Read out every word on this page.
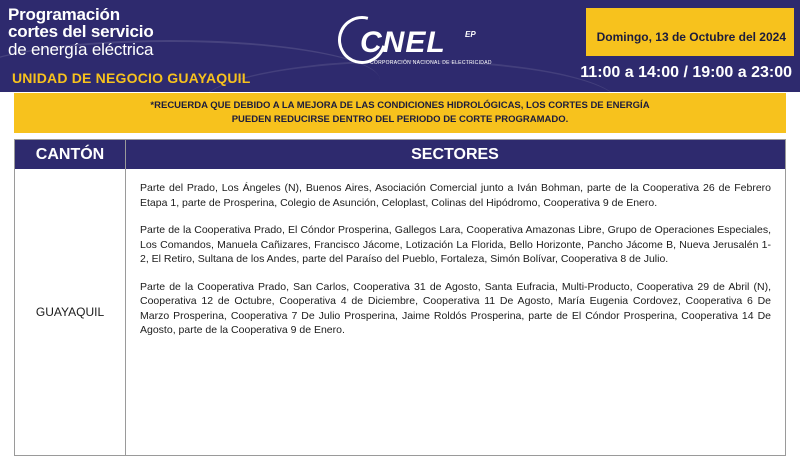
Programación
cortes del servicio
de energía eléctrica
UNIDAD DE NEGOCIO GUAYAQUIL
CNEL EP
CORPORACIÓN NACIONAL DE ELECTRICIDAD
Domingo, 13 de Octubre del 2024
11:00 a 14:00 / 19:00 a 23:00
*RECUERDA QUE DEBIDO A LA MEJORA DE LAS CONDICIONES HIDROLÓGICAS, LOS CORTES DE ENERGÍA
PUEDEN REDUCIRSE DENTRO DEL PERIODO DE CORTE PROGRAMADO.
CANTÓN	SECTORES
GUAYAQUIL

Parte del Prado, Los Ángeles (N), Buenos Aires, Asociación Comercial junto a Iván Bohman, parte de la Cooperativa 26 de Febrero Etapa 1, parte de Prosperina, Colegio de Asunción, Celoplast, Colinas del Hipódromo, Cooperativa 9 de Enero.

Parte de la Cooperativa Prado, El Cóndor Prosperina, Gallegos Lara, Cooperativa Amazonas Libre, Grupo de Operaciones Especiales, Los Comandos, Manuela Cañizares, Francisco Jácome, Lotización La Florida, Bello Horizonte, Pancho Jácome B, Nueva Jerusalén 1-2, El Retiro, Sultana de los Andes, parte del Paraíso del Pueblo, Fortaleza, Simón Bolívar, Cooperativa 8 de Julio.

Parte de la Cooperativa Prado, San Carlos, Cooperativa 31 de Agosto, Santa Eufracia, Multi-Producto, Cooperativa 29 de Abril (N), Cooperativa 12 de Octubre, Cooperativa 4 de Diciembre, Cooperativa 11 De Agosto, María Eugenia Cordovez, Cooperativa 6 De Marzo Prosperina, Cooperativa 7 De Julio Prosperina, Jaime Roldós Prosperina, parte de El Cóndor Prosperina, Cooperativa 14 De Agosto, parte de la Cooperativa 9 de Enero.
